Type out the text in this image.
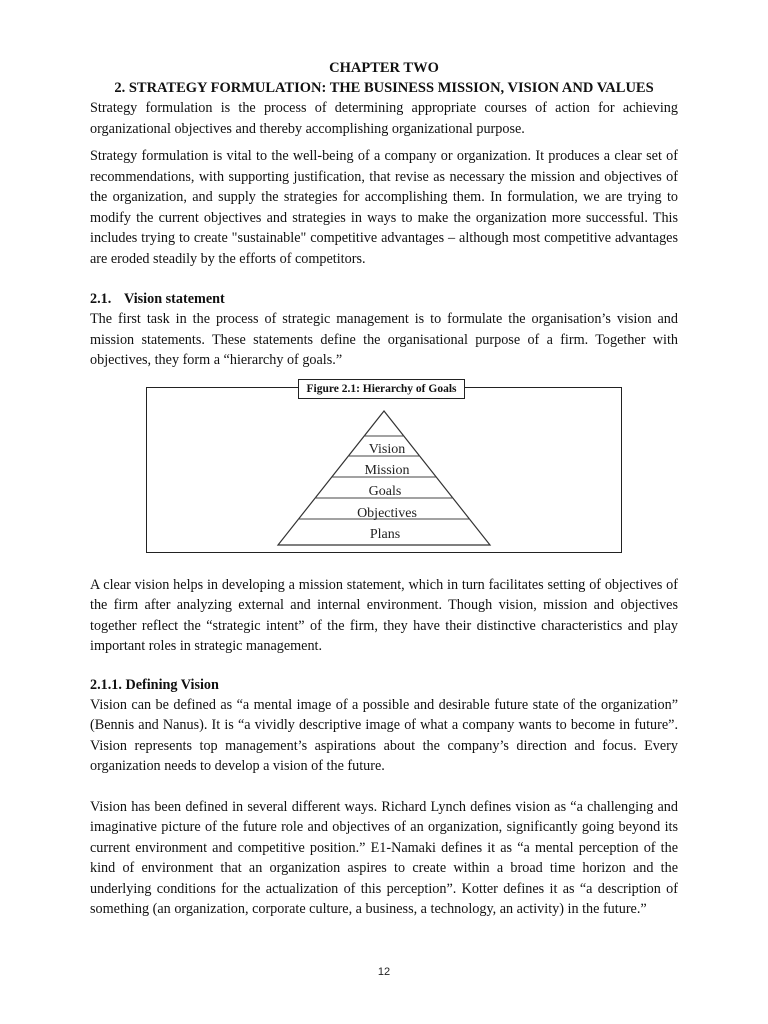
CHAPTER TWO
2. STRATEGY FORMULATION: THE BUSINESS MISSION, VISION AND VALUES

Strategy formulation is the process of determining appropriate courses of action for achieving organizational objectives and thereby accomplishing organizational purpose.

Strategy formulation is vital to the well-being of a company or organization. It produces a clear set of recommendations, with supporting justification, that revise as necessary the mission and objectives of the organization, and supply the strategies for accomplishing them. In formulation, we are trying to modify the current objectives and strategies in ways to make the organization more successful. This includes trying to create "sustainable" competitive advantages – although most competitive advantages are eroded steadily by the efforts of competitors.

2.1. Vision statement

The first task in the process of strategic management is to formulate the organisation’s vision and mission statements. These statements define the organisational purpose of a firm. Together with objectives, they form a “hierarchy of goals.”

Vision
Mission
Goals
Objectives
Plans
Figure 2.1: Hierarchy of Goals

A clear vision helps in developing a mission statement, which in turn facilitates setting of objectives of the firm after analyzing external and internal environment. Though vision, mission and objectives together reflect the “strategic intent” of the firm, they have their distinctive characteristics and play important roles in strategic management.

2.1.1. Defining Vision

Vision can be defined as “a mental image of a possible and desirable future state of the organization” (Bennis and Nanus). It is “a vividly descriptive image of what a company wants to become in future”. Vision represents top management’s aspirations about the company’s direction and focus. Every organization needs to develop a vision of the future.

Vision has been defined in several different ways. Richard Lynch defines vision as “a challenging and imaginative picture of the future role and objectives of an organization, significantly going beyond its current environment and competitive position.” E1-Namaki defines it as “a mental perception of the kind of environment that an organization aspires to create within a broad time horizon and the underlying conditions for the actualization of this perception”. Kotter defines it as “a description of something (an organization, corporate culture, a business, a technology, an activity) in the future.”

12
